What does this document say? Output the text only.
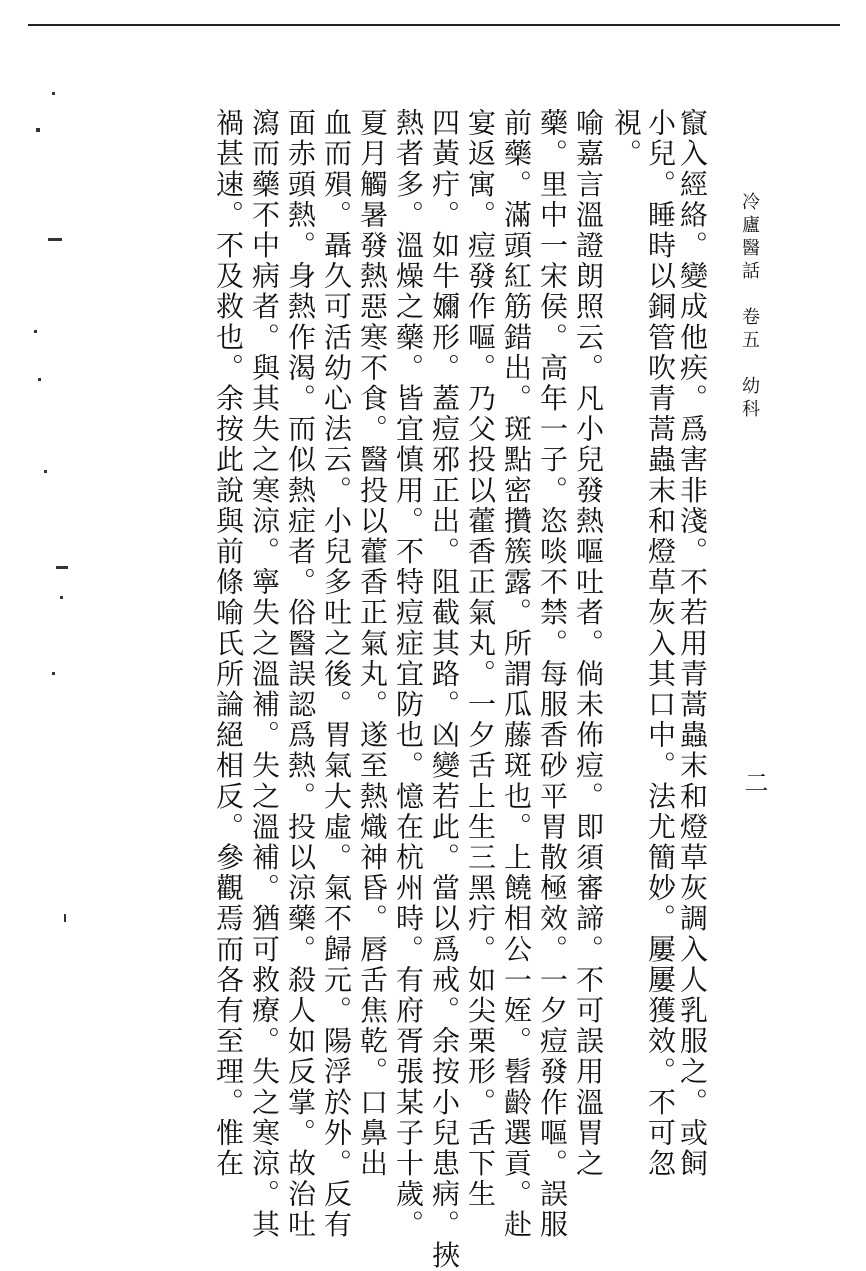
冷廬醫話　卷五　幼科
二
竄入經絡。變成他疾。爲害非淺。不若用青蒿蟲末和燈草灰調入人乳服之。或飼
小兒。睡時以銅管吹青蒿蟲末和燈草灰入其口中。法尤簡妙。屢屢獲效。不可忽
視。
喻嘉言溫證朗照云。凡小兒發熱嘔吐者。倘未佈痘。即須審諦。不可誤用溫胃之
藥。里中一宋侯。高年一子。恣啖不禁。每服香砂平胃散極效。一夕痘發作嘔。誤服
前藥。滿頭紅筋錯出。斑點密攢簇露。所謂瓜藤斑也。上饒相公一姪。髫齡選貢。赴
宴返寓。痘發作嘔。乃父投以藿香正氣丸。一夕舌上生三黑疔。如尖栗形。舌下生
四黃疔。如牛嬭形。蓋痘邪正出。阻截其路。凶變若此。當以爲戒。余按小兒患病。挾
熱者多。溫燥之藥。皆宜慎用。不特痘症宜防也。憶在杭州時。有府胥張某子十歲。
夏月觸暑發熱惡寒不食。醫投以藿香正氣丸。遂至熱熾神昏。唇舌焦乾。口鼻出
血而殞。聶久可活幼心法云。小兒多吐之後。胃氣大虛。氣不歸元。陽浮於外。反有
面赤頭熱。身熱作渴。而似熱症者。俗醫誤認爲熱。投以涼藥。殺人如反掌。故治吐
瀉而藥不中病者。與其失之寒涼。寧失之溫補。失之溫補。猶可救療。失之寒涼。其
禍甚速。不及救也。余按此說與前條喻氏所論絕相反。參觀焉而各有至理。惟在
